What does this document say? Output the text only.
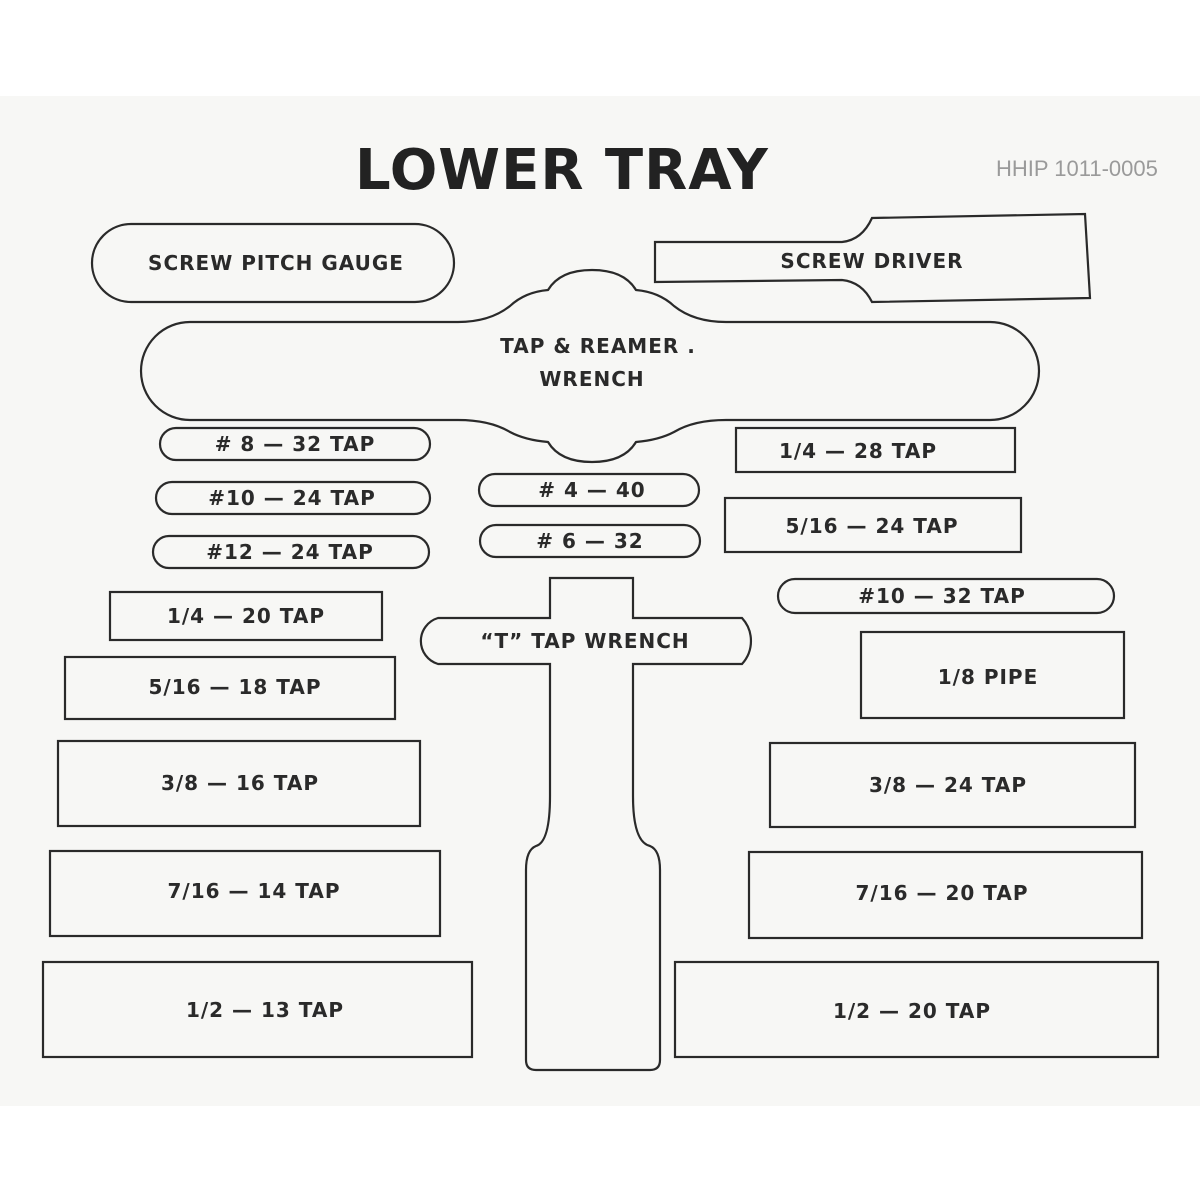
LOWER TRAY	HHIP 1011-0005
SCREW PITCH GAUGE	SCREW DRIVER
TAP & REAMER .
WRENCH
# 8 — 32 TAP
#10 — 24 TAP
#12 — 24 TAP
# 4 — 40
# 6 — 32
1/4 — 28 TAP
5/16 — 24 TAP
#10 — 32 TAP
“T” TAP WRENCH
1/4 — 20 TAP
5/16 — 18 TAP
3/8 — 16 TAP
7/16 — 14 TAP
1/2 — 13 TAP
1/8 PIPE
3/8 — 24 TAP
7/16 — 20 TAP
1/2 — 20 TAP
